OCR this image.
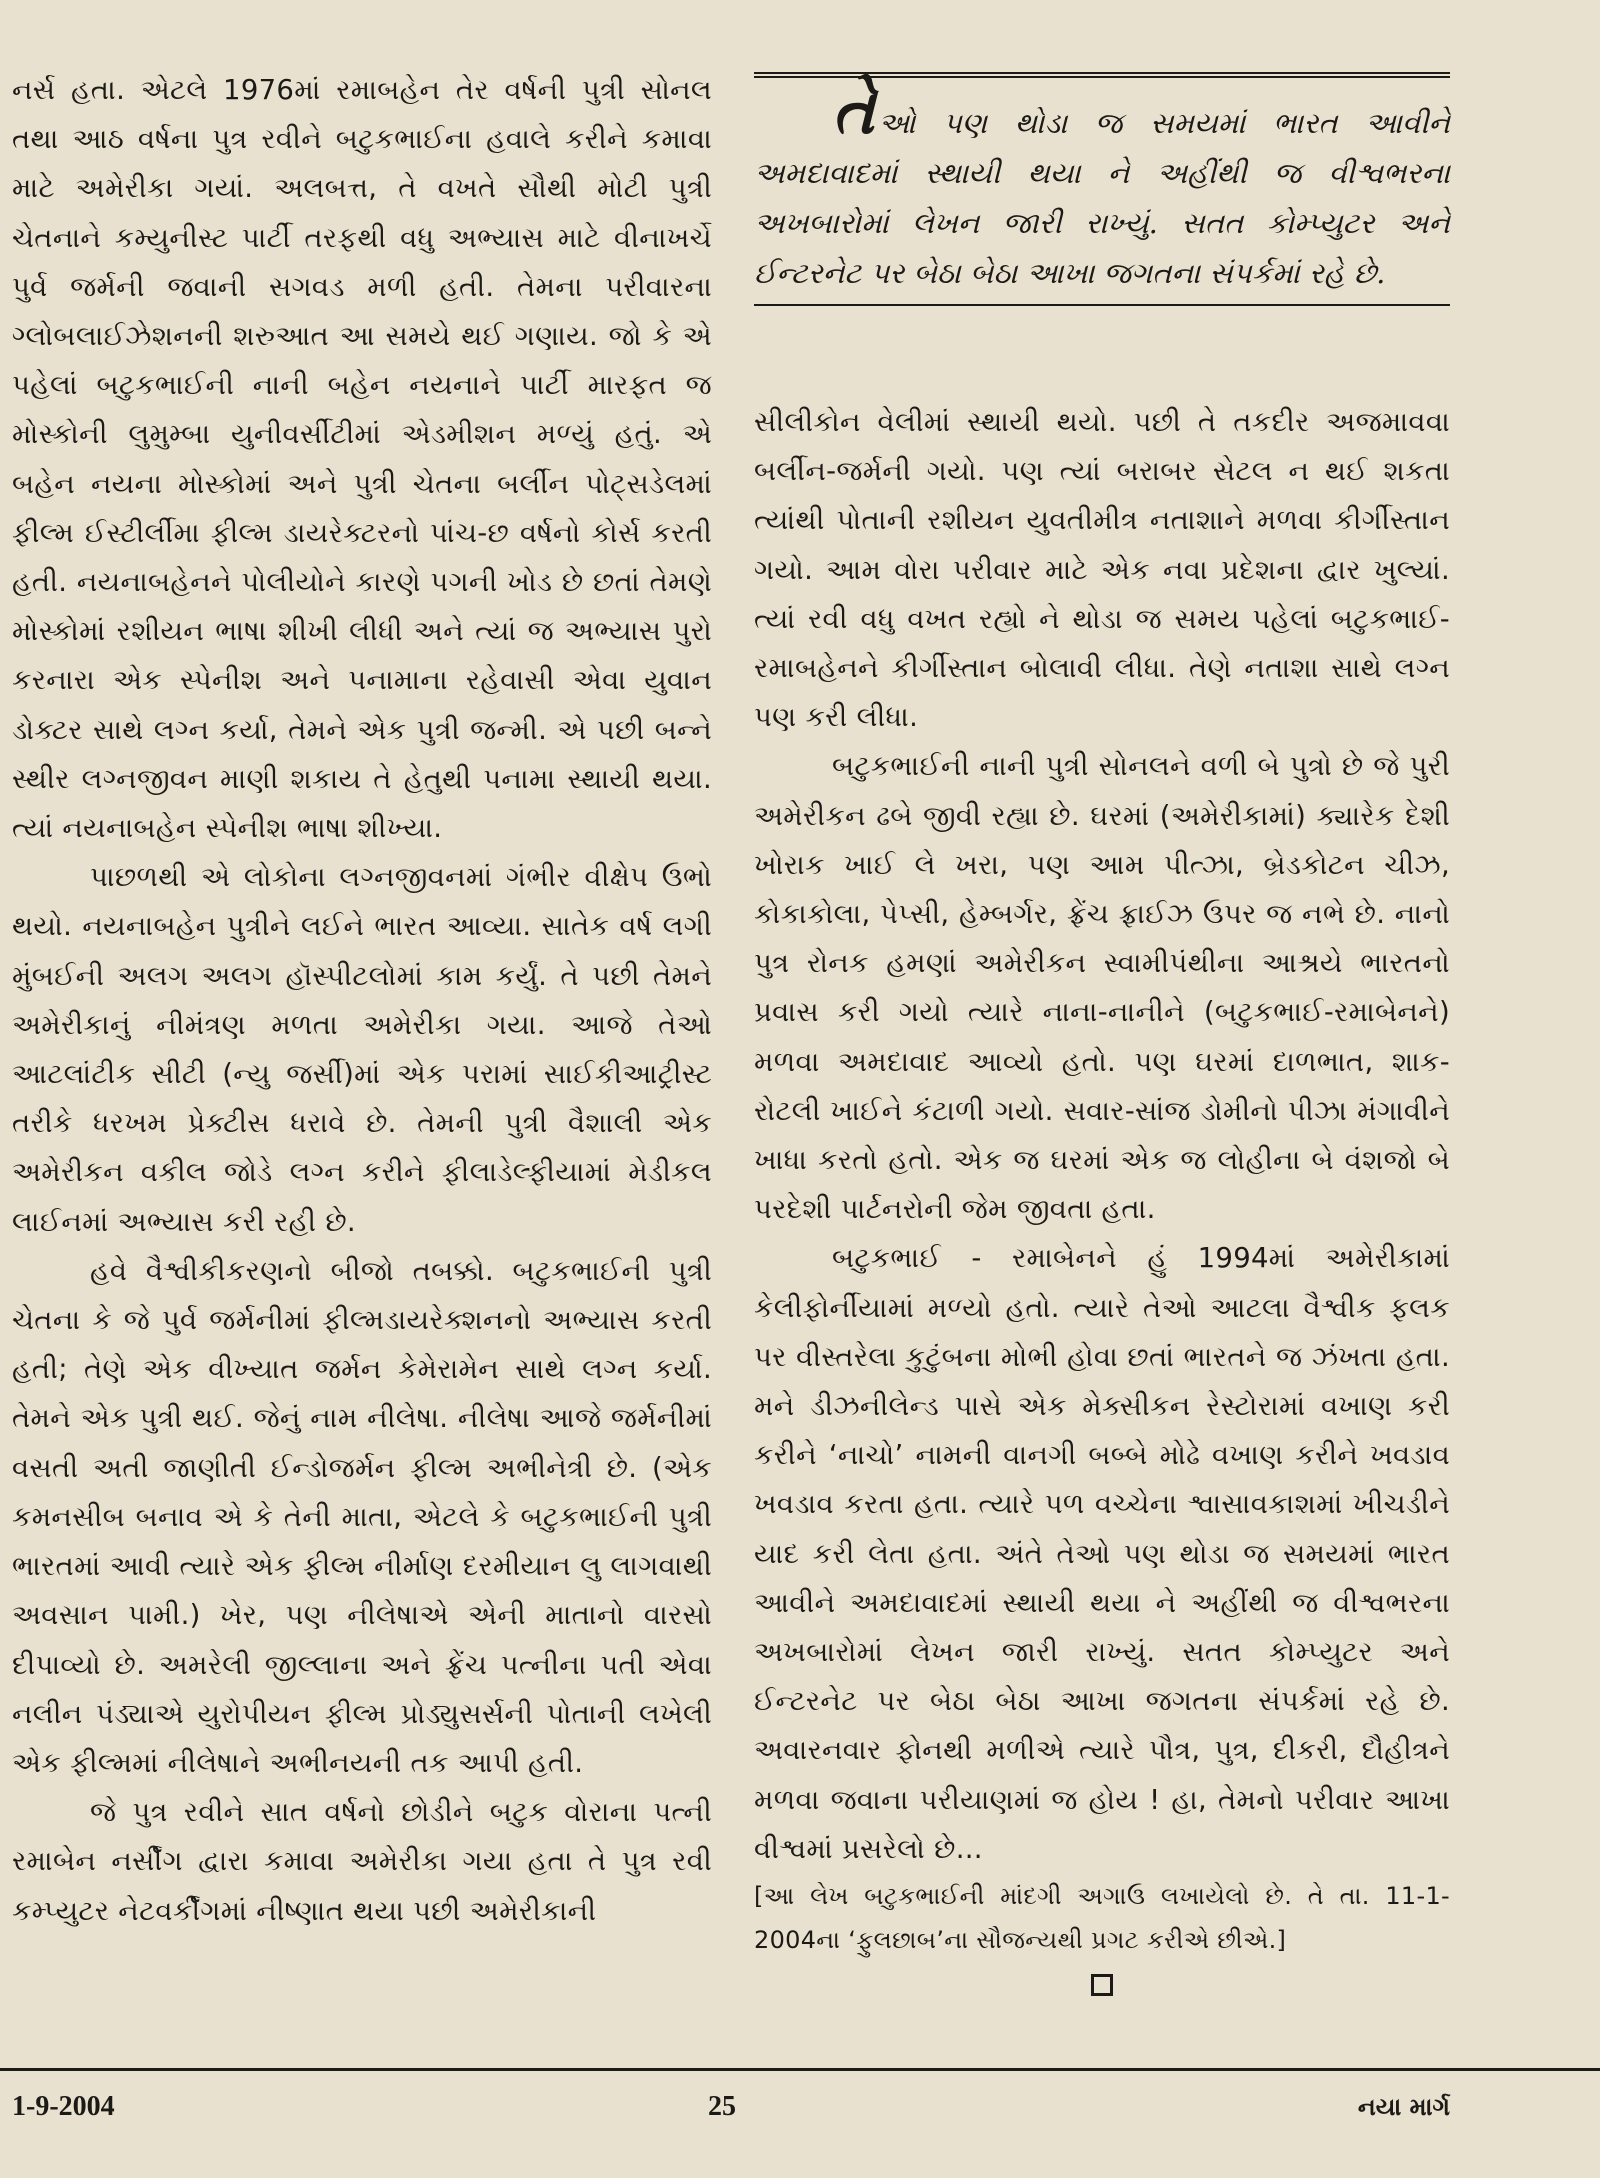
નર્સ હતા. એટલે 1976માં રમાબહેન તેર વર્ષની પુત્રી સોનલ તથા આઠ વર્ષના પુત્ર રવીને બટુકભાઈના હવાલે કરીને કમાવા માટે અમેરીકા ગયાં. અલબત્ત, તે વખતે સૌથી મોટી પુત્રી ચેતનાને કમ્યુનીસ્ટ પાર્ટી તરફથી વધુ અભ્યાસ માટે વીનાખર્ચે પુર્વ જર્મની જવાની સગવડ મળી હતી. તેમના પરીવારના ગ્લોબલાઈઝેશનની શરુઆત આ સમયે થઈ ગણાય. જો કે એ પહેલાં બટુકભાઈની નાની બહેન નયનાને પાર્ટી મારફત જ મોસ્કોની લુમુમ્બા યુનીવર્સીટીમાં એડમીશન મળ્યું હતું. એ બહેન નયના મોસ્કોમાં અને પુત્રી ચેતના બર્લીન પોટ્સડેલમાં ફીલ્મ ઈસ્ટીર્લીમા ફીલ્મ ડાયરેક્ટરનો પાંચ-છ વર્ષનો કોર્સ કરતી હતી. નયનાબહેનને પોલીયોને કારણે પગની ખોડ છે છતાં તેમણે મોસ્કોમાં રશીયન ભાષા શીખી લીધી અને ત્યાં જ અભ્યાસ પુરો કરનારા એક સ્પેનીશ અને પનામાના રહેવાસી એવા યુવાન ડોક્ટર સાથે લગ્ન કર્યા, તેમને એક પુત્રી જન્મી. એ પછી બન્ને સ્થીર લગ્નજીવન માણી શકાય તે હેતુથી પનામા સ્થાયી થયા. ત્યાં નયનાબહેન સ્પેનીશ ભાષા શીખ્યા.

પાછળથી એ લોકોના લગ્નજીવનમાં ગંભીર વીક્ષેપ ઉભો થયો. નયનાબહેન પુત્રીને લઈને ભારત આવ્યા. સાતેક વર્ષ લગી મુંબઈની અલગ અલગ હૉસ્પીટલોમાં કામ કર્યું. તે પછી તેમને અમેરીકાનું નીમંત્રણ મળતા અમેરીકા ગયા. આજે તેઓ આટલાંટીક સીટી (ન્યુ જર્સી)માં એક પરામાં સાઈકીઆટ્રીસ્ટ તરીકે ધરખમ પ્રેક્ટીસ ધરાવે છે. તેમની પુત્રી વૈશાલી એક અમેરીકન વકીલ જોડે લગ્ન કરીને ફીલાડેલ્ફીયામાં મેડીકલ લાઈનમાં અભ્યાસ કરી રહી છે.

હવે વૈશ્વીકીકરણનો બીજો તબક્કો. બટુકભાઈની પુત્રી ચેતના કે જે પુર્વ જર્મનીમાં ફીલ્મડાયરેક્શનનો અભ્યાસ કરતી હતી; તેણે એક વીખ્યાત જર્મન કેમેરામેન સાથે લગ્ન કર્યા. તેમને એક પુત્રી થઈ. જેનું નામ નીલેષા. નીલેષા આજે જર્મનીમાં વસતી અતી જાણીતી ઈન્ડોજર્મન ફીલ્મ અભીનેત્રી છે. (એક કમનસીબ બનાવ એ કે તેની માતા, એટલે કે બટુકભાઈની પુત્રી ભારતમાં આવી ત્યારે એક ફીલ્મ નીર્માણ દરમીયાન લુ લાગવાથી અવસાન પામી.) ખેર, પણ નીલેષાએ એની માતાનો વારસો દીપાવ્યો છે. અમરેલી જીલ્લાના અને ફ્રેંચ પત્નીના પતી એવા નલીન પંડ્યાએ યુરોપીયન ફીલ્મ પ્રોડ્યુસર્સની પોતાની લખેલી એક ફીલ્મમાં નીલેષાને અભીનયની તક આપી હતી.

જે પુત્ર રવીને સાત વર્ષનો છોડીને બટુક વોરાના પત્ની રમાબેન નર્સીંગ દ્વારા કમાવા અમેરીકા ગયા હતા તે પુત્ર રવી કમ્પ્યુટર નેટવર્કીંગમાં નીષ્ણાત થયા પછી અમેરીકાની

તેઓ પણ થોડા જ સમયમાં ભારત આવીને અમદાવાદમાં સ્થાયી થયા ને અહીંથી જ વીશ્વભરના અખબારોમાં લેખન જારી રાખ્યું. સતત કોમ્પ્યુટર અને ઈન્ટરનેટ પર બેઠા બેઠા આખા જગતના સંપર્કમાં રહે છે.

સીલીકોન વેલીમાં સ્થાયી થયો. પછી તે તકદીર અજમાવવા બર્લીન-જર્મની ગયો. પણ ત્યાં બરાબર સેટલ ન થઈ શકતા ત્યાંથી પોતાની રશીયન યુવતીમીત્ર નતાશાને મળવા કીર્ગીસ્તાન ગયો. આમ વોરા પરીવાર માટે એક નવા પ્રદેશના દ્વાર ખુલ્યાં. ત્યાં રવી વધુ વખત રહ્યો ને થોડા જ સમય પહેલાં બટુકભાઈ-રમાબહેનને કીર્ગીસ્તાન બોલાવી લીધા. તેણે નતાશા સાથે લગ્ન પણ કરી લીધા.

બટુકભાઈની નાની પુત્રી સોનલને વળી બે પુત્રો છે જે પુરી અમેરીકન ઢબે જીવી રહ્યા છે. ઘરમાં (અમેરીકામાં) ક્યારેક દેશી ખોરાક ખાઈ લે ખરા, પણ આમ પીત્ઝા, બ્રેડકોટન ચીઝ, કોકાકોલા, પેપ્સી, હેમ્બર્ગર, ફ્રેંચ ફ્રાઈઝ ઉપર જ નભે છે. નાનો પુત્ર રોનક હમણાં અમેરીકન સ્વામીપંથીના આશ્રયે ભારતનો પ્રવાસ કરી ગયો ત્યારે નાના-નાનીને (બટુકભાઈ-રમાબેનને) મળવા અમદાવાદ આવ્યો હતો. પણ ઘરમાં દાળભાત, શાક-રોટલી ખાઈને કંટાળી ગયો. સવાર-સાંજ ડોમીનો પીઝા મંગાવીને ખાધા કરતો હતો. એક જ ઘરમાં એક જ લોહીના બે વંશજો બે પરદેશી પાર્ટનરોની જેમ જીવતા હતા.

બટુકભાઈ - રમાબેનને હું 1994માં અમેરીકામાં કેલીફોર્નીયામાં મળ્યો હતો. ત્યારે તેઓ આટલા વૈશ્વીક ફલક પર વીસ્તરેલા કુટુંબના મોભી હોવા છતાં ભારતને જ ઝંખતા હતા. મને ડીઝનીલેન્ડ પાસે એક મેક્સીકન રેસ્ટોરામાં વખાણ કરી કરીને ‘નાચો’ નામની વાનગી બબ્બે મોઢે વખાણ કરીને ખવડાવ ખવડાવ કરતા હતા. ત્યારે પળ વચ્ચેના શ્વાસાવકાશમાં ખીચડીને યાદ કરી લેતા હતા. અંતે તેઓ પણ થોડા જ સમયમાં ભારત આવીને અમદાવાદમાં સ્થાયી થયા ને અહીંથી જ વીશ્વભરના અખબારોમાં લેખન જારી રાખ્યું. સતત કોમ્પ્યુટર અને ઈન્ટરનેટ પર બેઠા બેઠા આખા જગતના સંપર્કમાં રહે છે. અવારનવાર ફોનથી મળીએ ત્યારે પૌત્ર, પુત્ર, દીકરી, દૌહીત્રને મળવા જવાના પરીયાણમાં જ હોય ! હા, તેમનો પરીવાર આખા વીશ્વમાં પ્રસરેલો છે...

[આ લેખ બટુકભાઈની માંદગી અગાઉ લખાયેલો છે. તે તા. 11-1-2004ના ‘ફુલછાબ’ના સૌજન્યથી પ્રગટ કરીએ છીએ.]

1-9-2004	25	નયા માર્ગ
